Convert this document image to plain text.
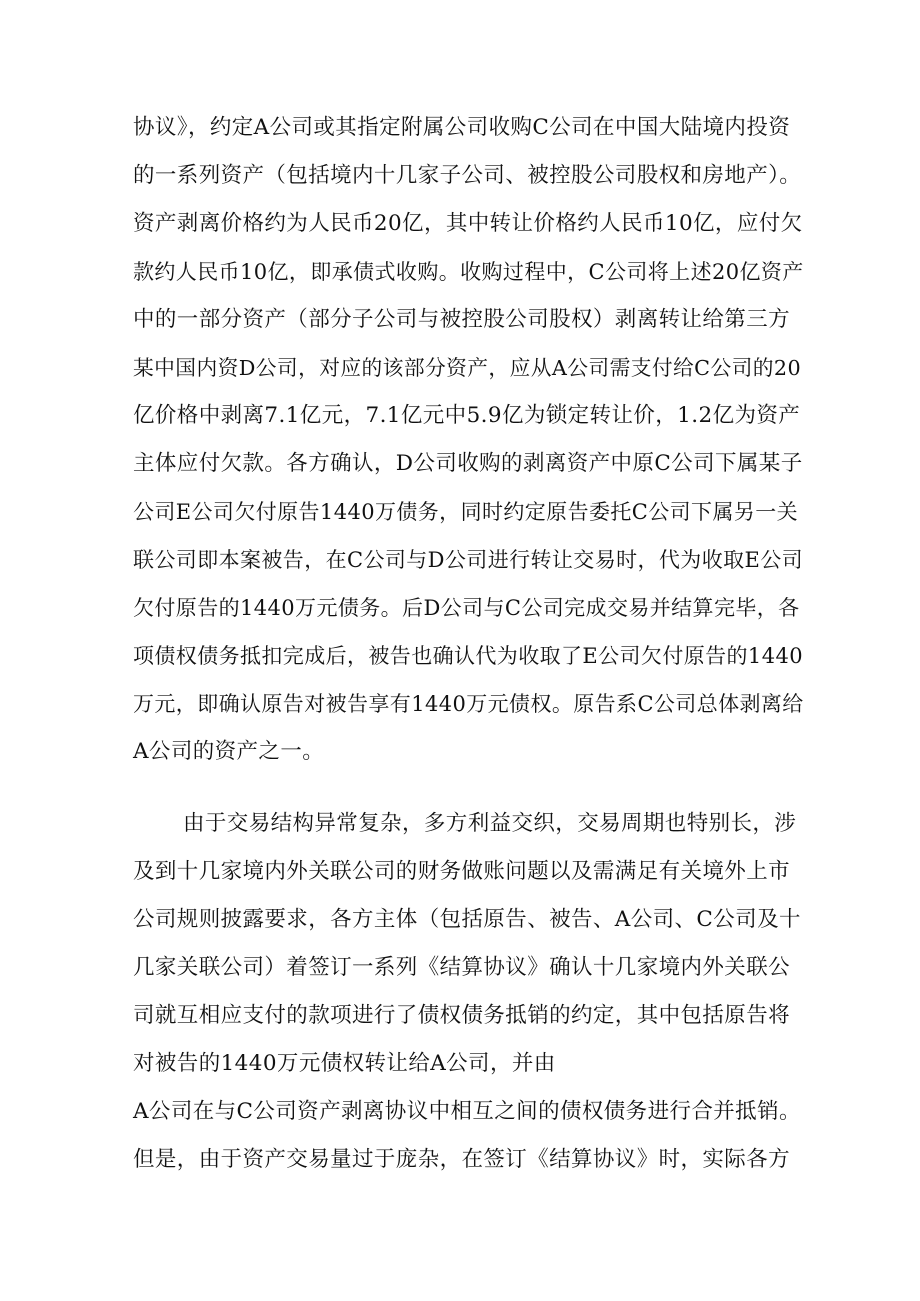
协议》，约定A公司或其指定附属公司收购C公司在中国大陆境内投资
的一系列资产（包括境内十几家子公司、被控股公司股权和房地产）。
资产剥离价格约为人民币20亿，其中转让价格约人民币10亿，应付欠
款约人民币10亿，即承债式收购。收购过程中，C公司将上述20亿资产
中的一部分资产（部分子公司与被控股公司股权）剥离转让给第三方
某中国内资D公司，对应的该部分资产，应从A公司需支付给C公司的20
亿价格中剥离7.1亿元，7.1亿元中5.9亿为锁定转让价，1.2亿为资产
主体应付欠款。各方确认，D公司收购的剥离资产中原C公司下属某子
公司E公司欠付原告1440万债务，同时约定原告委托C公司下属另一关
联公司即本案被告，在C公司与D公司进行转让交易时，代为收取E公司
欠付原告的1440万元债务。后D公司与C公司完成交易并结算完毕，各
项债权债务抵扣完成后，被告也确认代为收取了E公司欠付原告的1440
万元，即确认原告对被告享有1440万元债权。原告系C公司总体剥离给
A公司的资产之一。
由于交易结构异常复杂，多方利益交织，交易周期也特别长，涉
及到十几家境内外关联公司的财务做账问题以及需满足有关境外上市
公司规则披露要求，各方主体（包括原告、被告、A公司、C公司及十
几家关联公司）着签订一系列《结算协议》确认十几家境内外关联公
司就互相应支付的款项进行了债权债务抵销的约定，其中包括原告将
对被告的1440万元债权转让给A公司，并由
A公司在与C公司资产剥离协议中相互之间的债权债务进行合并抵销。
但是，由于资产交易量过于庞杂，在签订《结算协议》时，实际各方
